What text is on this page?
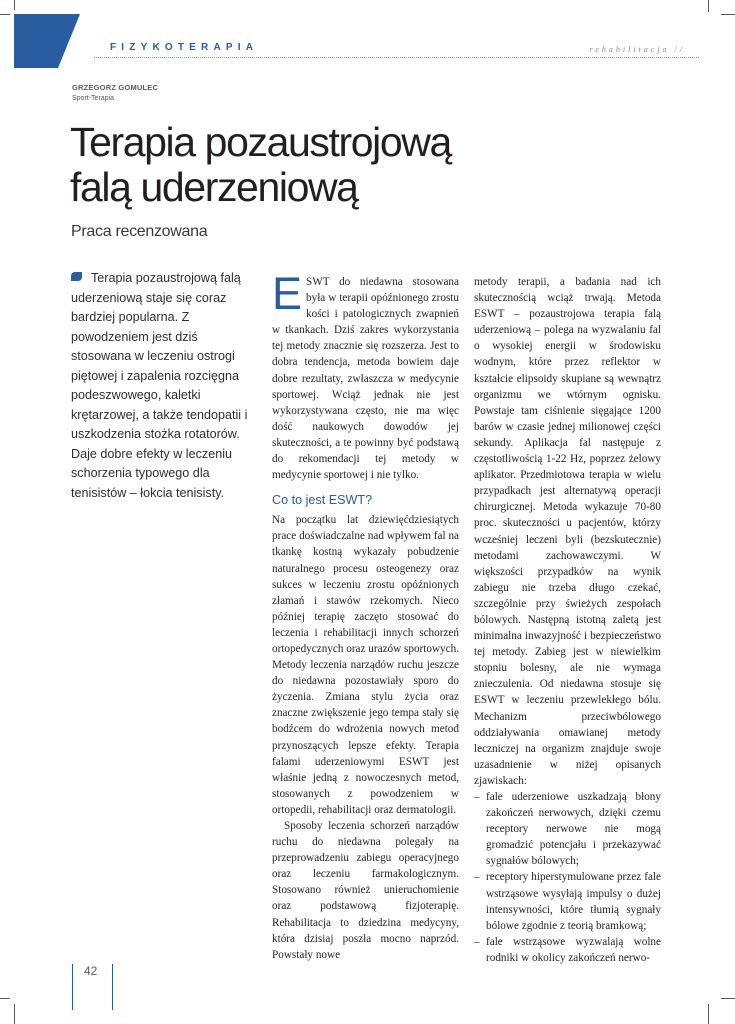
FIZYKOTERAPIA	rehabilitacja //
GRZEGORZ GOMULEC
Sport-Terapia
Terapia pozaustrojową
falą uderzeniową
Praca recenzowana

Terapia pozaustrojową falą uderzeniową staje się coraz bardziej popularna. Z powodzeniem jest dziś stosowana w leczeniu ostrogi piętowej i zapalenia rozcięgna podeszwowego, kaletki krętarzowej, a także tendopatii i uszkodzenia stożka rotatorów. Daje dobre efekty w leczeniu schorzenia typowego dla tenisistów – łokcia tenisisty.

ESWT do niedawna stosowana była w terapii opóźnionego zrostu kości i patologicznych zwapnień w tkankach. Dziś zakres wykorzystania tej metody znacznie się rozszerza. Jest to dobra tendencja, metoda bowiem daje dobre rezultaty, zwłaszcza w medycynie sportowej. Wciąż jednak nie jest wykorzystywana często, nie ma więc dość naukowych dowodów jej skuteczności, a te powinny być podstawą do rekomendacji tej metody w medycynie sportowej i nie tylko.

Co to jest ESWT?

Na początku lat dziewięćdziesiątych prace doświadczalne nad wpływem fal na tkankę kostną wykazały pobudzenie naturalnego procesu osteogenezy oraz sukces w leczeniu zrostu opóźnionych złamań i stawów rzekomych. Nieco później terapię zaczęto stosować do leczenia i rehabilitacji innych schorzeń ortopedycznych oraz urazów sportowych. Metody leczenia narządów ruchu jeszcze do niedawna pozostawiały sporo do życzenia. Zmiana stylu życia oraz znaczne zwiększenie jego tempa stały się bodźcem do wdrożenia nowych metod przynoszących lepsze efekty. Terapia falami uderzeniowymi ESWT jest właśnie jedną z nowoczesnych metod, stosowanych z powodzeniem w ortopedii, rehabilitacji oraz dermatologii.

Sposoby leczenia schorzeń narządów ruchu do niedawna polegały na przeprowadzeniu zabiegu operacyjnego oraz leczeniu farmakologicznym. Stosowano również unieruchomienie oraz podstawową fizjoterapię. Rehabilitacja to dziedzina medycyny, która dzisiaj poszła mocno naprzód. Powstały nowe

metody terapii, a badania nad ich skutecznością wciąż trwają. Metoda ESWT – pozaustrojowa terapia falą uderzeniową – polega na wyzwalaniu fal o wysokiej energii w środowisku wodnym, które przez reflektor w kształcie elipsoidy skupiane są wewnątrz organizmu we wtórnym ognisku. Powstaje tam ciśnienie sięgające 1200 barów w czasie jednej milionowej części sekundy. Aplikacja fal następuje z częstotliwością 1-22 Hz, poprzez żelowy aplikator. Przedmiotowa terapia w wielu przypadkach jest alternatywą operacji chirurgicznej. Metoda wykazuje 70-80 proc. skuteczności u pacjentów, którzy wcześniej leczeni byli (bezskutecznie) metodami zachowawczymi. W większości przypadków na wynik zabiegu nie trzeba długo czekać, szczególnie przy świeżych zespołach bólowych. Następną istotną zaletą jest minimalna inwazyjność i bezpieczeństwo tej metody. Zabieg jest w niewielkim stopniu bolesny, ale nie wymaga znieczulenia. Od niedawna stosuje się ESWT w leczeniu przewlekłego bólu. Mechanizm przeciwbólowego oddziaływania omawianej metody leczniczej na organizm znajduje swoje uzasadnienie w niżej opisanych zjawiskach:

– fale uderzeniowe uszkadzają błony zakończeń nerwowych, dzięki czemu receptory nerwowe nie mogą gromadzić potencjału i przekazywać sygnałów bólowych;
– receptory hiperstymulowane przez fale wstrząsowe wysyłają impulsy o dużej intensywności, które tłumią sygnały bólowe zgodnie z teorią bramkową;
– fale wstrząsowe wyzwalają wolne rodniki w okolicy zakończeń nerwo-
42
